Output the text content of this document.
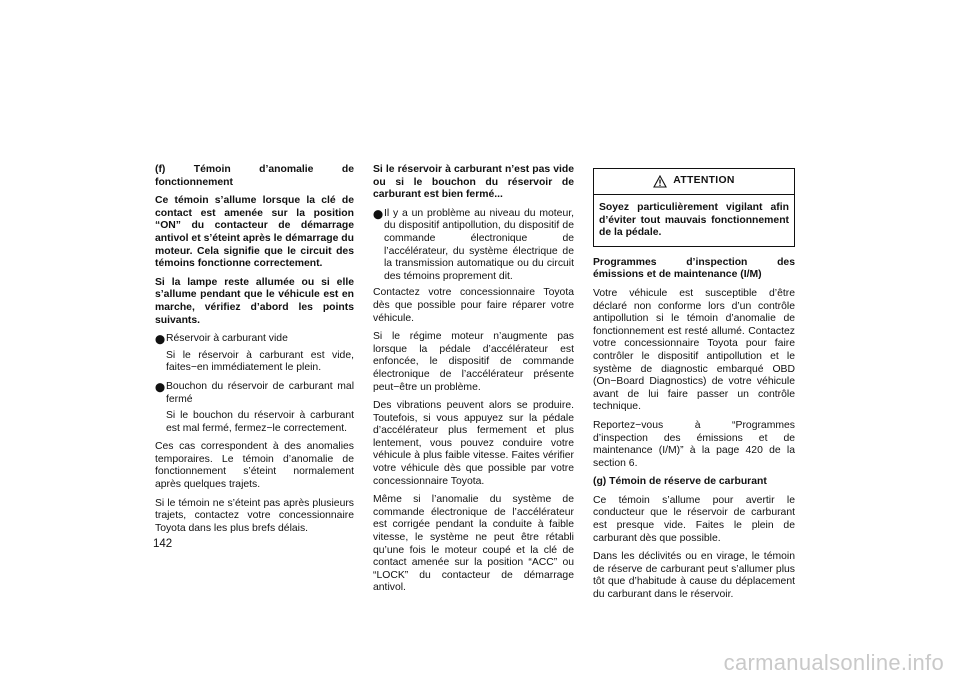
(f) Témoin d’anomalie de fonctionnement

Ce témoin s’allume lorsque la clé de contact est amenée sur la position “ON” du contacteur de démarrage antivol et s’éteint après le démarrage du moteur. Cela signifie que le circuit des témoins fonctionne correctement.

Si la lampe reste allumée ou si elle s’allume pendant que le véhicule est en marche, vérifiez d’abord les points suivants.

⬤ Réservoir à carburant vide

Si le réservoir à carburant est vide, faites−en immédiatement le plein.

⬤ Bouchon du réservoir de carburant mal fermé

Si le bouchon du réservoir à carburant est mal fermé, fermez−le correctement.

Ces cas correspondent à des anomalies temporaires. Le témoin d’anomalie de fonctionnement s’éteint normalement après quelques trajets.

Si le témoin ne s’éteint pas après plusieurs trajets, contactez votre concessionnaire Toyota dans les plus brefs délais.

Si le réservoir à carburant n’est pas vide ou si le bouchon du réservoir de carburant est bien fermé...

⬤ Il y a un problème au niveau du moteur, du dispositif antipollution, du dispositif de commande électronique de l’accélérateur, du système électrique de la transmission automatique ou du circuit des témoins proprement dit.

Contactez votre concessionnaire Toyota dès que possible pour faire réparer votre véhicule.

Si le régime moteur n’augmente pas lorsque la pédale d’accélérateur est enfoncée, le dispositif de commande électronique de l’accélérateur présente peut−être un problème.

Des vibrations peuvent alors se produire. Toutefois, si vous appuyez sur la pédale d’accélérateur plus fermement et plus lentement, vous pouvez conduire votre véhicule à plus faible vitesse. Faites vérifier votre véhicule dès que possible par votre concessionnaire Toyota.

Même si l’anomalie du système de commande électronique de l’accélérateur est corrigée pendant la conduite à faible vitesse, le système ne peut être rétabli qu’une fois le moteur coupé et la clé de contact amenée sur la position “ACC” ou “LOCK” du contacteur de démarrage antivol.

ATTENTION
Soyez particulièrement vigilant afin d’éviter tout mauvais fonctionnement de la pédale.

Programmes d’inspection des émissions et de maintenance (I/M)

Votre véhicule est susceptible d’être déclaré non conforme lors d’un contrôle antipollution si le témoin d’anomalie de fonctionnement est resté allumé. Contactez votre concessionnaire Toyota pour faire contrôler le dispositif antipollution et le système de diagnostic embarqué OBD (On−Board Diagnostics) de votre véhicule avant de lui faire passer un contrôle technique.

Reportez−vous à “Programmes d’inspection des émissions et de maintenance (I/M)” à la page 420 de la section 6.

(g) Témoin de réserve de carburant

Ce témoin s’allume pour avertir le conducteur que le réservoir de carburant est presque vide. Faites le plein de carburant dès que possible.

Dans les déclivités ou en virage, le témoin de réserve de carburant peut s’allumer plus tôt que d’habitude à cause du déplacement du carburant dans le réservoir.

142
carmanualsonline.info
